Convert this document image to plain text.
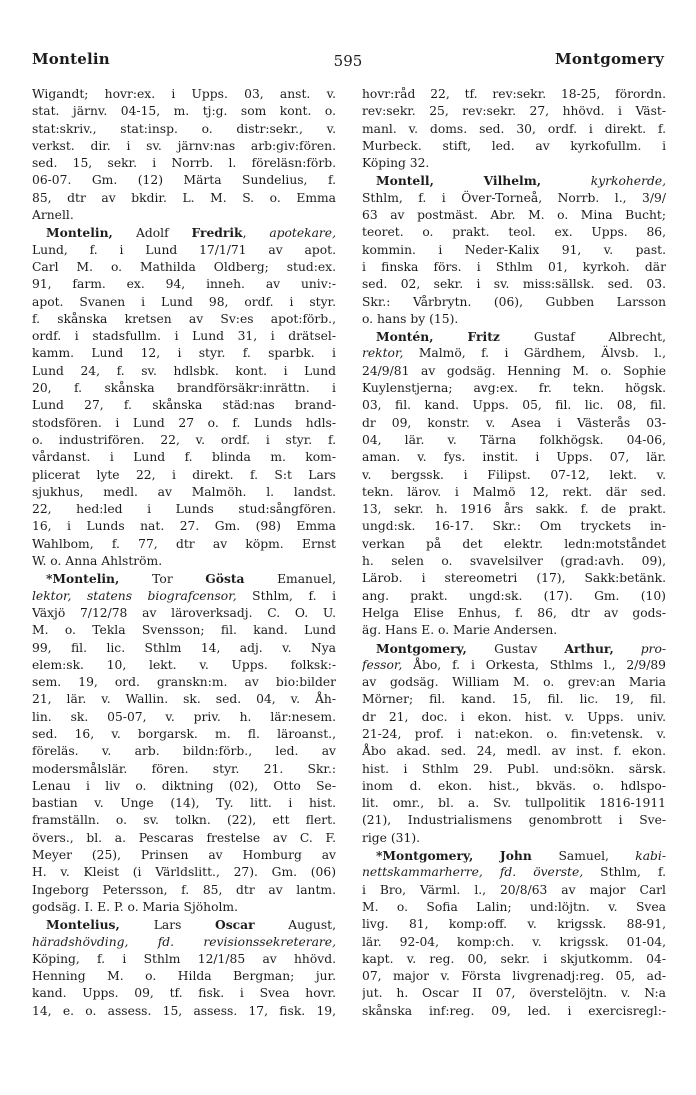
Montelin	595	Montgomery
Wigandt; hovr:ex. i Upps. 03, anst. v.
stat. järnv. 04-15, m. tj:g. som kont. o.
stat:skriv., stat:insp. o. distr:sekr., v.
verkst. dir. i sv. järnv:nas arb:giv:fören.
sed. 15, sekr. i Norrb. l. föreläsn:förb.
06-07. Gm. (12) Märta Sundelius, f.
85, dtr av bkdir. L. M. S. o. Emma
Arnell.
Montelin, Adolf Fredrik, apotekare,
Lund, f. i Lund 17/1/71 av apot.
Carl M. o. Mathilda Oldberg; stud:ex.
91, farm. ex. 94, inneh. av univ:-
apot. Svanen i Lund 98, ordf. i styr.
f. skånska kretsen av Sv:es apot:förb.,
ordf. i stadsfullm. i Lund 31, i drätsel-
kamm. Lund 12, i styr. f. sparbk. i
Lund 24, f. sv. hdlsbk. kont. i Lund
20, f. skånska brandförsäkr:inrättn. i
Lund 27, f. skånska städ:nas brand-
stodsfören. i Lund 27 o. f. Lunds hdls-
o. industrifören. 22, v. ordf. i styr. f.
vårdanst. i Lund f. blinda m. kom-
plicerat lyte 22, i direkt. f. S:t Lars
sjukhus, medl. av Malmöh. l. landst.
22, hed:led i Lunds stud:sångfören.
16, i Lunds nat. 27. Gm. (98) Emma
Wahlbom, f. 77, dtr av köpm. Ernst
W. o. Anna Ahlström.
*Montelin, Tor Gösta Emanuel,
lektor, statens biografcensor, Sthlm, f. i
Växjö 7/12/78 av läroverksadj. C. O. U.
M. o. Tekla Svensson; fil. kand. Lund
99, fil. lic. Sthlm 14, adj. v. Nya
elem:sk. 10, lekt. v. Upps. folksk:-
sem. 19, ord. granskn:m. av bio:bilder
21, lär. v. Wallin. sk. sed. 04, v. Åh-
lin. sk. 05-07, v. priv. h. lär:nesem.
sed. 16, v. borgarsk. m. fl. läroanst.,
föreläs. v. arb. bildn:förb., led. av
modersmålslär. fören. styr. 21. Skr.:
Lenau i liv o. diktning (02), Otto Se-
bastian v. Unge (14), Ty. litt. i hist.
framställn. o. sv. tolkn. (22), ett flert.
övers., bl. a. Pescaras frestelse av C. F.
Meyer (25), Prinsen av Homburg av
H. v. Kleist (i Världslitt., 27). Gm. (06)
Ingeborg Petersson, f. 85, dtr av lantm.
godsäg. I. E. P. o. Maria Sjöholm.
Montelius, Lars Oscar August,
häradshövding, fd. revisionssekreterare,
Köping, f. i Sthlm 12/1/85 av hhövd.
Henning M. o. Hilda Bergman; jur.
kand. Upps. 09, tf. fisk. i Svea hovr.
14, e. o. assess. 15, assess. 17, fisk. 19,
hovr:råd 22, tf. rev:sekr. 18-25, förordn.
rev:sekr. 25, rev:sekr. 27, hhövd. i Väst-
manl. v. doms. sed. 30, ordf. i direkt. f.
Murbeck. stift, led. av kyrkofullm. i
Köping 32.
Montell, Vilhelm, kyrkoherde,
Sthlm, f. i Över-Torneå, Norrb. l., 3/9/
63 av postmäst. Abr. M. o. Mina Bucht;
teoret. o. prakt. teol. ex. Upps. 86,
kommin. i Neder-Kalix 91, v. past.
i finska förs. i Sthlm 01, kyrkoh. där
sed. 02, sekr. i sv. miss:sällsk. sed. 03.
Skr.: Vårbrytn. (06), Gubben Larsson
o. hans by (15).
Montén, Fritz Gustaf Albrecht,
rektor, Malmö, f. i Gärdhem, Älvsb. l.,
24/9/81 av godsäg. Henning M. o. Sophie
Kuylenstjerna; avg:ex. fr. tekn. högsk.
03, fil. kand. Upps. 05, fil. lic. 08, fil.
dr 09, konstr. v. Asea i Västerås 03-
04, lär. v. Tärna folkhögsk. 04-06,
aman. v. fys. instit. i Upps. 07, lär.
v. bergssk. i Filipst. 07-12, lekt. v.
tekn. lärov. i Malmö 12, rekt. där sed.
13, sekr. h. 1916 års sakk. f. de prakt.
ungd:sk. 16-17. Skr.: Om tryckets in-
verkan på det elektr. ledn:motståndet
h. selen o. svavelsilver (grad:avh. 09),
Lärob. i stereometri (17), Sakk:betänk.
ang. prakt. ungd:sk. (17). Gm. (10)
Helga Elise Enhus, f. 86, dtr av gods-
äg. Hans E. o. Marie Andersen.
Montgomery, Gustav Arthur, pro-
fessor, Åbo, f. i Orkesta, Sthlms l., 2/9/89
av godsäg. William M. o. grev:an Maria
Mörner; fil. kand. 15, fil. lic. 19, fil.
dr 21, doc. i ekon. hist. v. Upps. univ.
21-24, prof. i nat:ekon. o. fin:vetensk. v.
Åbo akad. sed. 24, medl. av inst. f. ekon.
hist. i Sthlm 29. Publ. und:sökn. särsk.
inom d. ekon. hist., bkväs. o. hdlspo-
lit. omr., bl. a. Sv. tullpolitik 1816-1911
(21), Industrialismens genombrott i Sve-
rige (31).
*Montgomery, John Samuel, kabi-
nettskammarherre, fd. överste, Sthlm, f.
i Bro, Värml. l., 20/8/63 av major Carl
M. o. Sofia Lalin; und:löjtn. v. Svea
livg. 81, komp:off. v. krigssk. 88-91,
lär. 92-04, komp:ch. v. krigssk. 01-04,
kapt. v. reg. 00, sekr. i skjutkomm. 04-
07, major v. Första livgrenadj:reg. 05, ad-
jut. h. Oscar II 07, överstelöjtn. v. N:a
skånska inf:reg. 09, led. i exercisregl:-
